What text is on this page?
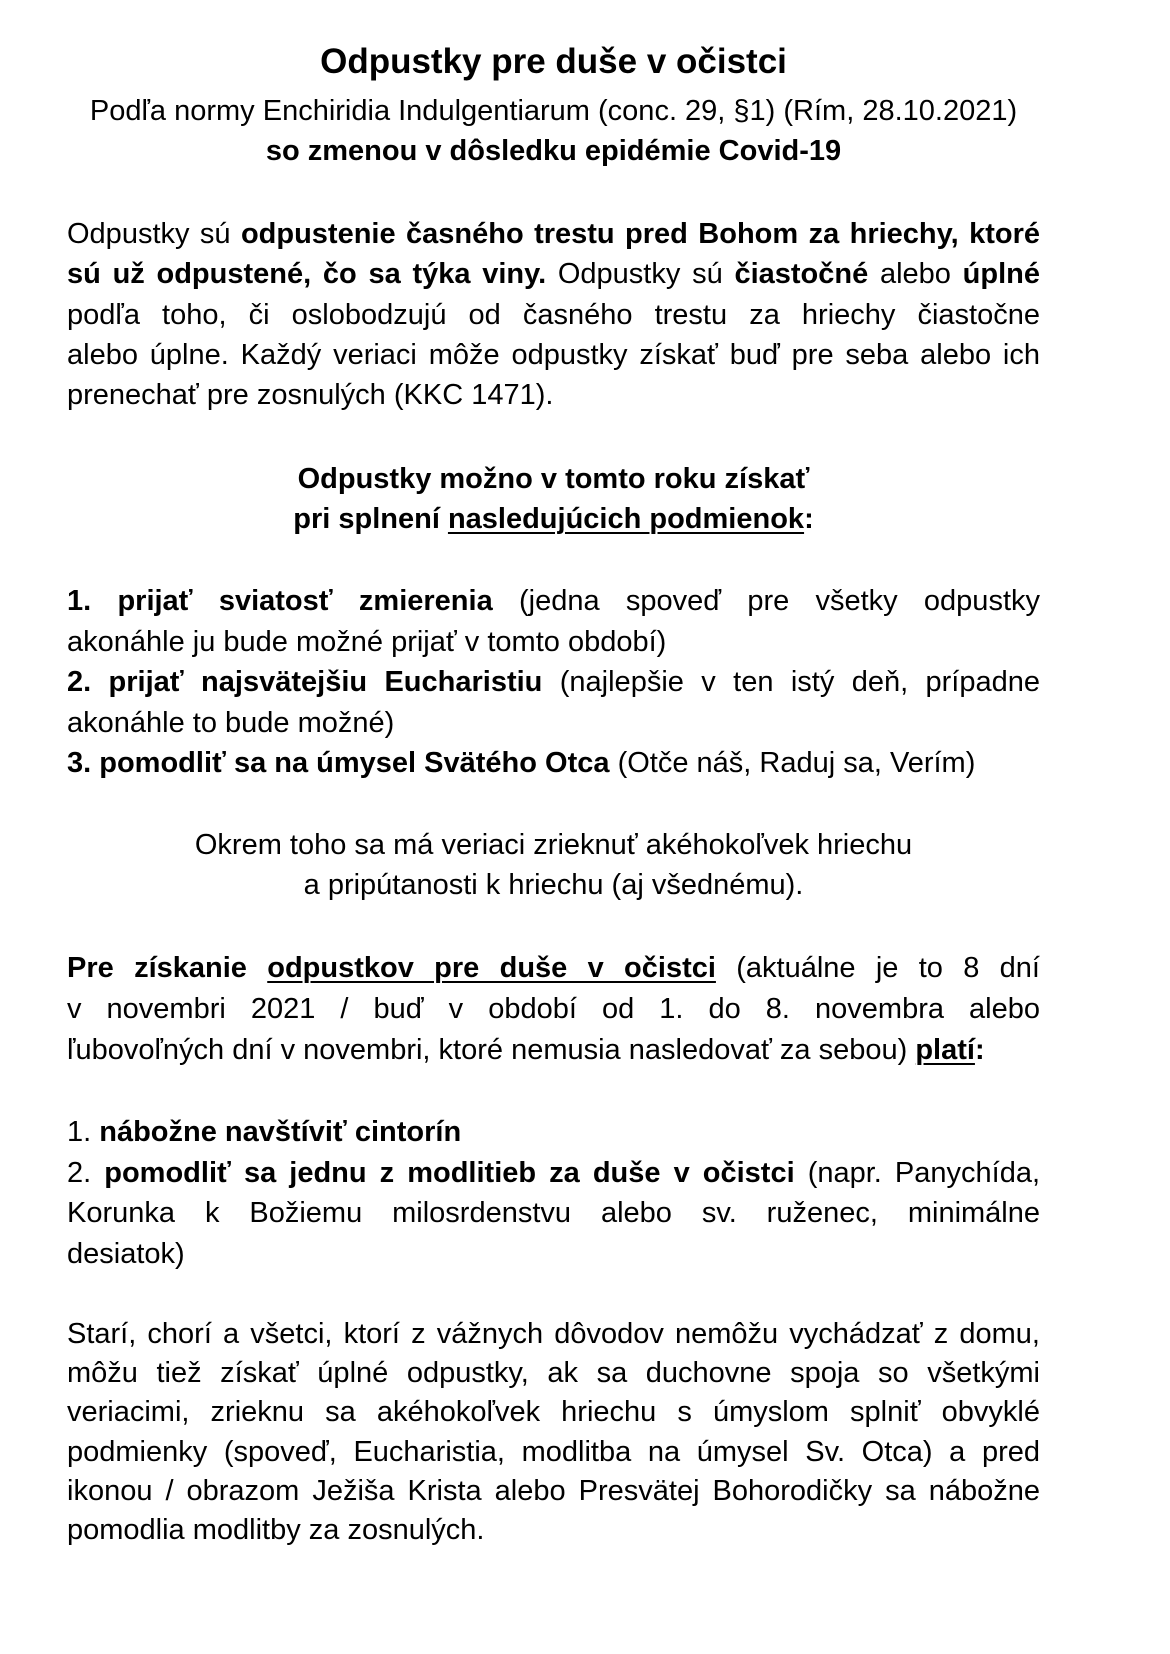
Odpustky pre duše v očistci
Podľa normy Enchiridia Indulgentiarum (conc. 29, §1) (Rím, 28.10.2021)
so zmenou v dôsledku epidémie Covid-19
Odpustky sú odpustenie časného trestu pred Bohom za hriechy, ktoré
sú už odpustené, čo sa týka viny. Odpustky sú čiastočné alebo úplné
podľa toho, či oslobodzujú od časného trestu za hriechy čiastočne
alebo úplne. Každý veriaci môže odpustky získať buď pre seba alebo ich
prenechať pre zosnulých (KKC 1471).
Odpustky možno v tomto roku získať
pri splnení nasledujúcich podmienok:
1. prijať sviatosť zmierenia (jedna spoveď pre všetky odpustky
akonáhle ju bude možné prijať v tomto období)
2. prijať najsvätejšiu Eucharistiu (najlepšie v ten istý deň, prípadne
akonáhle to bude možné)
3. pomodliť sa na úmysel Svätého Otca (Otče náš, Raduj sa, Verím)
Okrem toho sa má veriaci zrieknuť akéhokoľvek hriechu
a pripútanosti k hriechu (aj všednému).
Pre získanie odpustkov pre duše v očistci (aktuálne je to 8 dní
v novembri 2021 / buď v období od 1. do 8. novembra alebo
ľubovoľných dní v novembri, ktoré nemusia nasledovať za sebou) platí:
1. nábožne navštíviť cintorín
2. pomodliť sa jednu z modlitieb za duše v očistci (napr. Panychída,
Korunka k Božiemu milosrdenstvu alebo sv. ruženec, minimálne
desiatok)
Starí, chorí a všetci, ktorí z vážnych dôvodov nemôžu vychádzať z domu,
môžu tiež získať úplné odpustky, ak sa duchovne spoja so všetkými
veriacimi, zrieknu sa akéhokoľvek hriechu s úmyslom splniť obvyklé
podmienky (spoveď, Eucharistia, modlitba na úmysel Sv. Otca) a pred
ikonou / obrazom Ježiša Krista alebo Presvätej Bohorodičky sa nábožne
pomodlia modlitby za zosnulých.
